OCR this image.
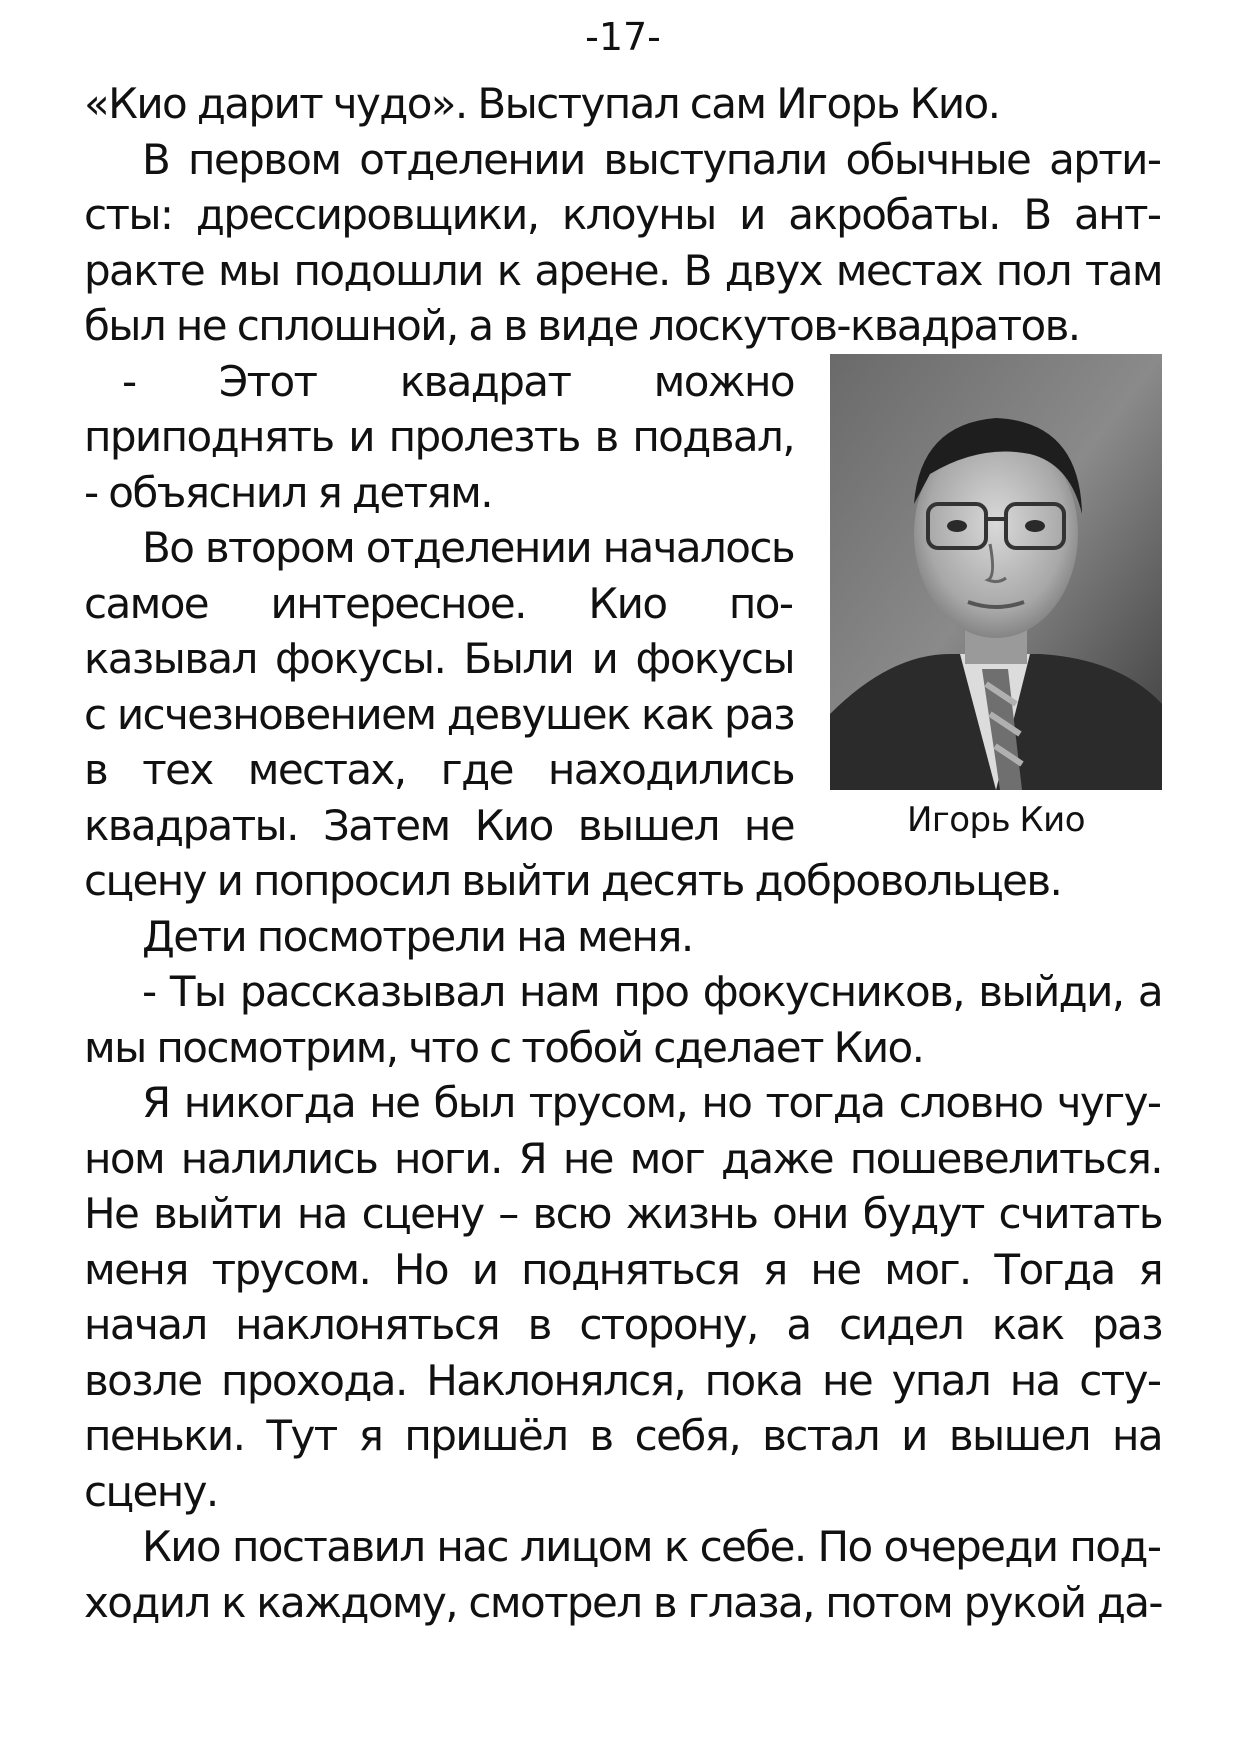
-17-

«Кио дарит чудо». Выступал сам Игорь Кио.

В первом отделении выступали обычные артисты: дрессировщики, клоуны и акробаты. В антракте мы подошли к арене. В двух местах пол там был не сплошной, а в виде лоскутов-квадратов.

Игорь Кио
- Этот квадрат можно приподнять и пролезть в подвал, - объяснил я детям.

Во втором отделении началось самое интересное. Кио показывал фокусы. Были и фокусы с исчезновением девушек как раз в тех местах, где находились квадраты. Затем Кио вышел не сцену и попросил выйти десять добровольцев.

Дети посмотрели на меня.

- Ты рассказывал нам про фокусников, выйди, а мы посмотрим, что с тобой сделает Кио.

Я никогда не был трусом, но тогда словно чугуном налились ноги. Я не мог даже пошевелиться. Не выйти на сцену – всю жизнь они будут считать меня трусом. Но и подняться я не мог. Тогда я начал наклоняться в сторону, а сидел как раз возле прохода. Наклонялся, пока не упал на ступеньки. Тут я пришёл в себя, встал и вышел на сцену.

Кио поставил нас лицом к себе. По очереди подходил к каждому, смотрел в глаза, потом рукой да-
